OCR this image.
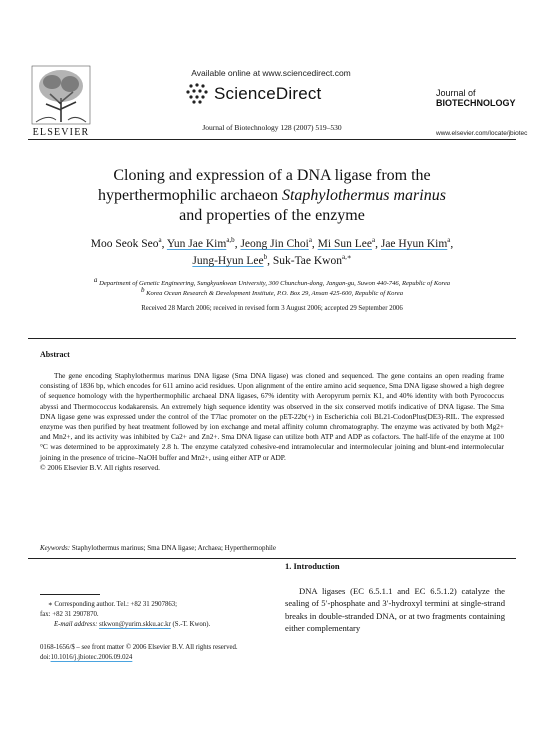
Available online at www.sciencedirect.com
ScienceDirect
Journal of Biotechnology 128 (2007) 519–530
ELSEVIER
Journal of
BIOTECHNOLOGY
www.elsevier.com/locate/jbiotec
Cloning and expression of a DNA ligase from the
hyperthermophilic archaeon Staphylothermus marinus
and properties of the enzyme
Moo Seok Seo$^a$, Yun Jae Kim$^{a,b}$, Jeong Jin Choi$^a$, Mi Sun Lee$^a$, Jae Hyun Kim$^a$,
Jung-Hyun Lee$^b$, Suk-Tae Kwon$^{a,∗}$
a Department of Genetic Engineering, Sungkyunkwan University, 300 Chunchun-dong, Jangan-gu, Suwon 440-746, Republic of Korea
b Korea Ocean Research & Development Institute, P.O. Box 29, Ansan 425-600, Republic of Korea
Received 28 March 2006; received in revised form 3 August 2006; accepted 29 September 2006
Abstract
The gene encoding Staphylothermus marinus DNA ligase (Sma DNA ligase) was cloned and sequenced. The gene contains an open reading frame consisting of 1836 bp, which encodes for 611 amino acid residues. Upon alignment of the entire amino acid sequence, Sma DNA ligase showed a high degree of sequence homology with the hyperthermophilic archaeal DNA ligases, 67% identity with Aeropyrum pernix K1, and 40% identity with both Pyrococcus abyssi and Thermococcus kodakarensis. An extremely high sequence identity was observed in the six conserved motifs indicative of DNA ligase. The Sma DNA ligase gene was expressed under the control of the T7lac promoter on the pET-22b(+) in Escherichia coli BL21-CodonPlus(DE3)-RIL. The expressed enzyme was then purified by heat treatment followed by ion exchange and metal affinity column chromatography. The enzyme was activated by both Mg2+ and Mn2+, and its activity was inhibited by Ca2+ and Zn2+. Sma DNA ligase can utilize both ATP and ADP as cofactors. The half-life of the enzyme at 100 °C was determined to be approximately 2.8 h. The enzyme catalyzed cohesive-end intramolecular and intermolecular joining and blunt-end intermolecular joining in the presence of tricine–NaOH buffer and Mn2+, using either ATP or ADP.
© 2006 Elsevier B.V. All rights reserved.
Keywords: Staphylothermus marinus; Sma DNA ligase; Archaea; Hyperthermophile
1. Introduction
DNA ligases (EC 6.5.1.1 and EC 6.5.1.2) catalyze the sealing of 5′-phosphate and 3′-hydroxyl termini at single-strand breaks in double-stranded DNA, or at two fragments containing either complementary
∗ Corresponding author. Tel.: +82 31 2907863;
fax: +82 31 2907870.
E-mail address: stkwon@yurim.skku.ac.kr (S.-T. Kwon).
0168-1656/$ – see front matter © 2006 Elsevier B.V. All rights reserved.
doi:10.1016/j.jbiotec.2006.09.024
